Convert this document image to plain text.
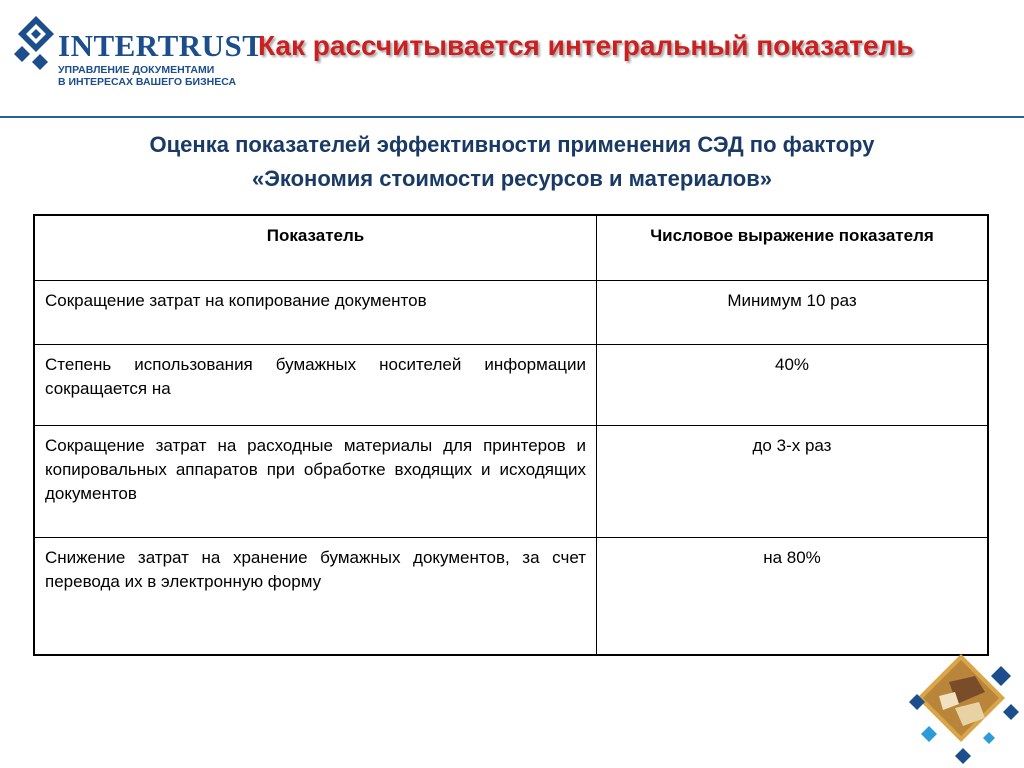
INTERTRUST
УПРАВЛЕНИЕ ДОКУМЕНТАМИ
В ИНТЕРЕСАХ ВАШЕГО БИЗНЕСА
Как рассчитывается интегральный показатель
Оценка показателей эффективности применения СЭД по фактору
«Экономия стоимости ресурсов и материалов»
Показатель	Числовое выражение показателя
Сокращение затрат на копирование документов	Минимум 10 раз
Степень использования бумажных носителей информации сокращается на	40%
Сокращение затрат на расходные материалы для принтеров и копировальных аппаратов при обработке входящих и исходящих документов	до 3-х раз
Снижение затрат на хранение бумажных документов, за счет перевода их в электронную форму	на 80%
